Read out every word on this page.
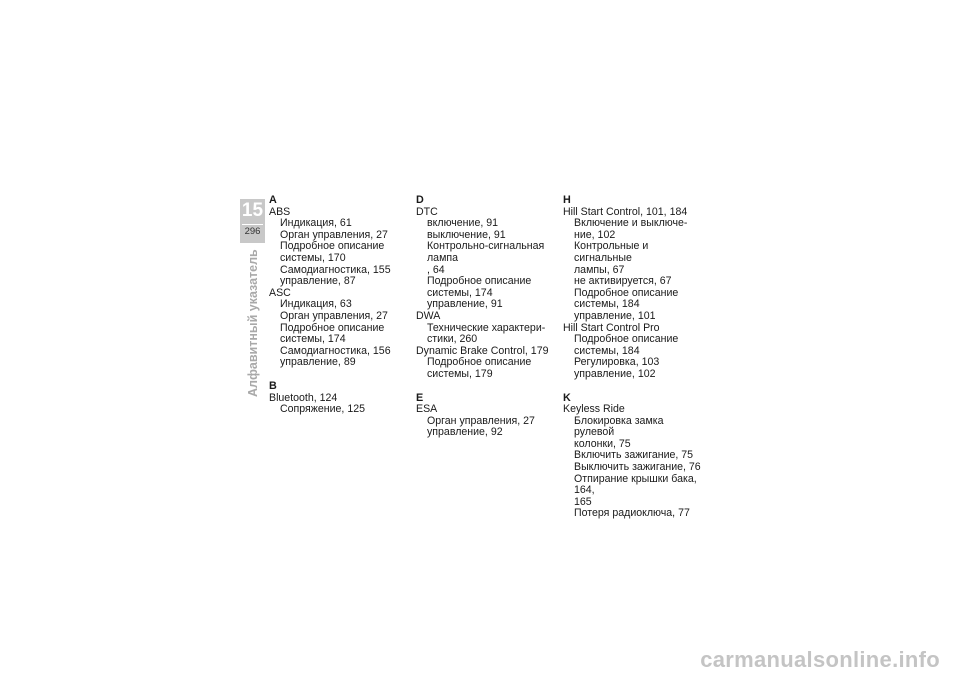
15
296
Алфавитный указатель
A
ABS
Индикация, 61
Орган управления, 27
Подробное описание
системы, 170
Самодиагностика, 155
управление, 87
ASC
Индикация, 63
Орган управления, 27
Подробное описание
системы, 174
Самодиагностика, 156
управление, 89
B
Bluetooth, 124
Сопряжение, 125
D
DTC
включение, 91
выключение, 91
Контрольно-сигнальная лампа
, 64
Подробное описание
системы, 174
управление, 91
DWA
Технические характери-
стики, 260
Dynamic Brake Control, 179
Подробное описание
системы, 179
E
ESA
Орган управления, 27
управление, 92
H
Hill Start Control, 101, 184
Включение и выключе-
ние, 102
Контрольные и сигнальные
лампы, 67
не активируется, 67
Подробное описание
системы, 184
управление, 101
Hill Start Control Pro
Подробное описание
системы, 184
Регулировка, 103
управление, 102
K
Keyless Ride
Блокировка замка рулевой
колонки, 75
Включить зажигание, 75
Выключить зажигание, 76
Отпирание крышки бака, 164,
165
Потеря радиоключа, 77
carmanualsonline.info
